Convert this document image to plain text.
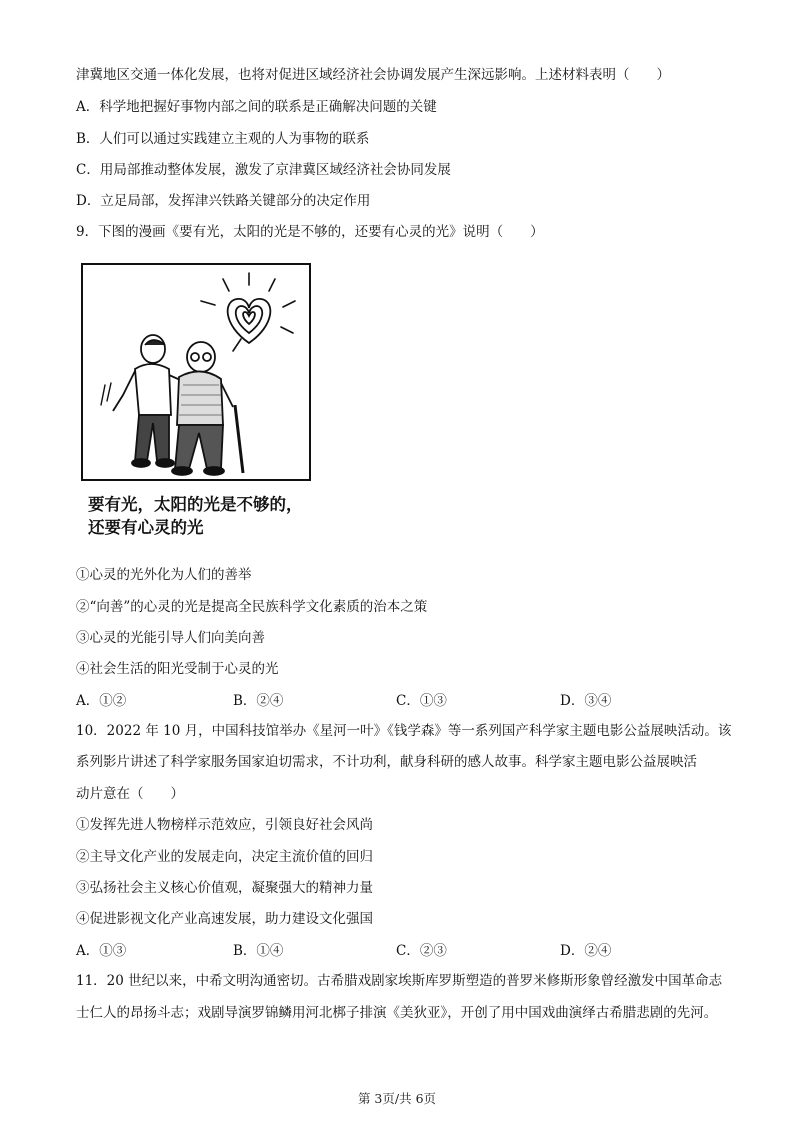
津冀地区交通一体化发展，也将对促进区域经济社会协调发展产生深远影响。上述材料表明（　　）
A．科学地把握好事物内部之间的联系是正确解决问题的关键
B．人们可以通过实践建立主观的人为事物的联系
C．用局部推动整体发展，激发了京津冀区域经济社会协同发展
D．立足局部，发挥津兴铁路关键部分的决定作用
9．下图的漫画《要有光，太阳的光是不够的，还要有心灵的光》说明（　　）
要有光，太阳的光是不够的，
还要有心灵的光
①心灵的光外化为人们的善举
②“向善”的心灵的光是提高全民族科学文化素质的治本之策
③心灵的光能引导人们向美向善
④社会生活的阳光受制于心灵的光
A．①②	B．②④	C．①③	D．③④
10．2022 年 10 月，中国科技馆举办《星河一叶》《钱学森》等一系列国产科学家主题电影公益展映活动。该
系列影片讲述了科学家服务国家迫切需求，不计功利，献身科研的感人故事。科学家主题电影公益展映活
动片意在（　　）
①发挥先进人物榜样示范效应，引领良好社会风尚
②主导文化产业的发展走向，决定主流价值的回归
③弘扬社会主义核心价值观，凝聚强大的精神力量
④促进影视文化产业高速发展，助力建设文化强国
A．①③	B．①④	C．②③	D．②④
11．20 世纪以来，中希文明沟通密切。古希腊戏剧家埃斯库罗斯塑造的普罗米修斯形象曾经激发中国革命志
士仁人的昂扬斗志；戏剧导演罗锦鳞用河北梆子排演《美狄亚》，开创了用中国戏曲演绎古希腊悲剧的先河。
第 3页/共 6页
